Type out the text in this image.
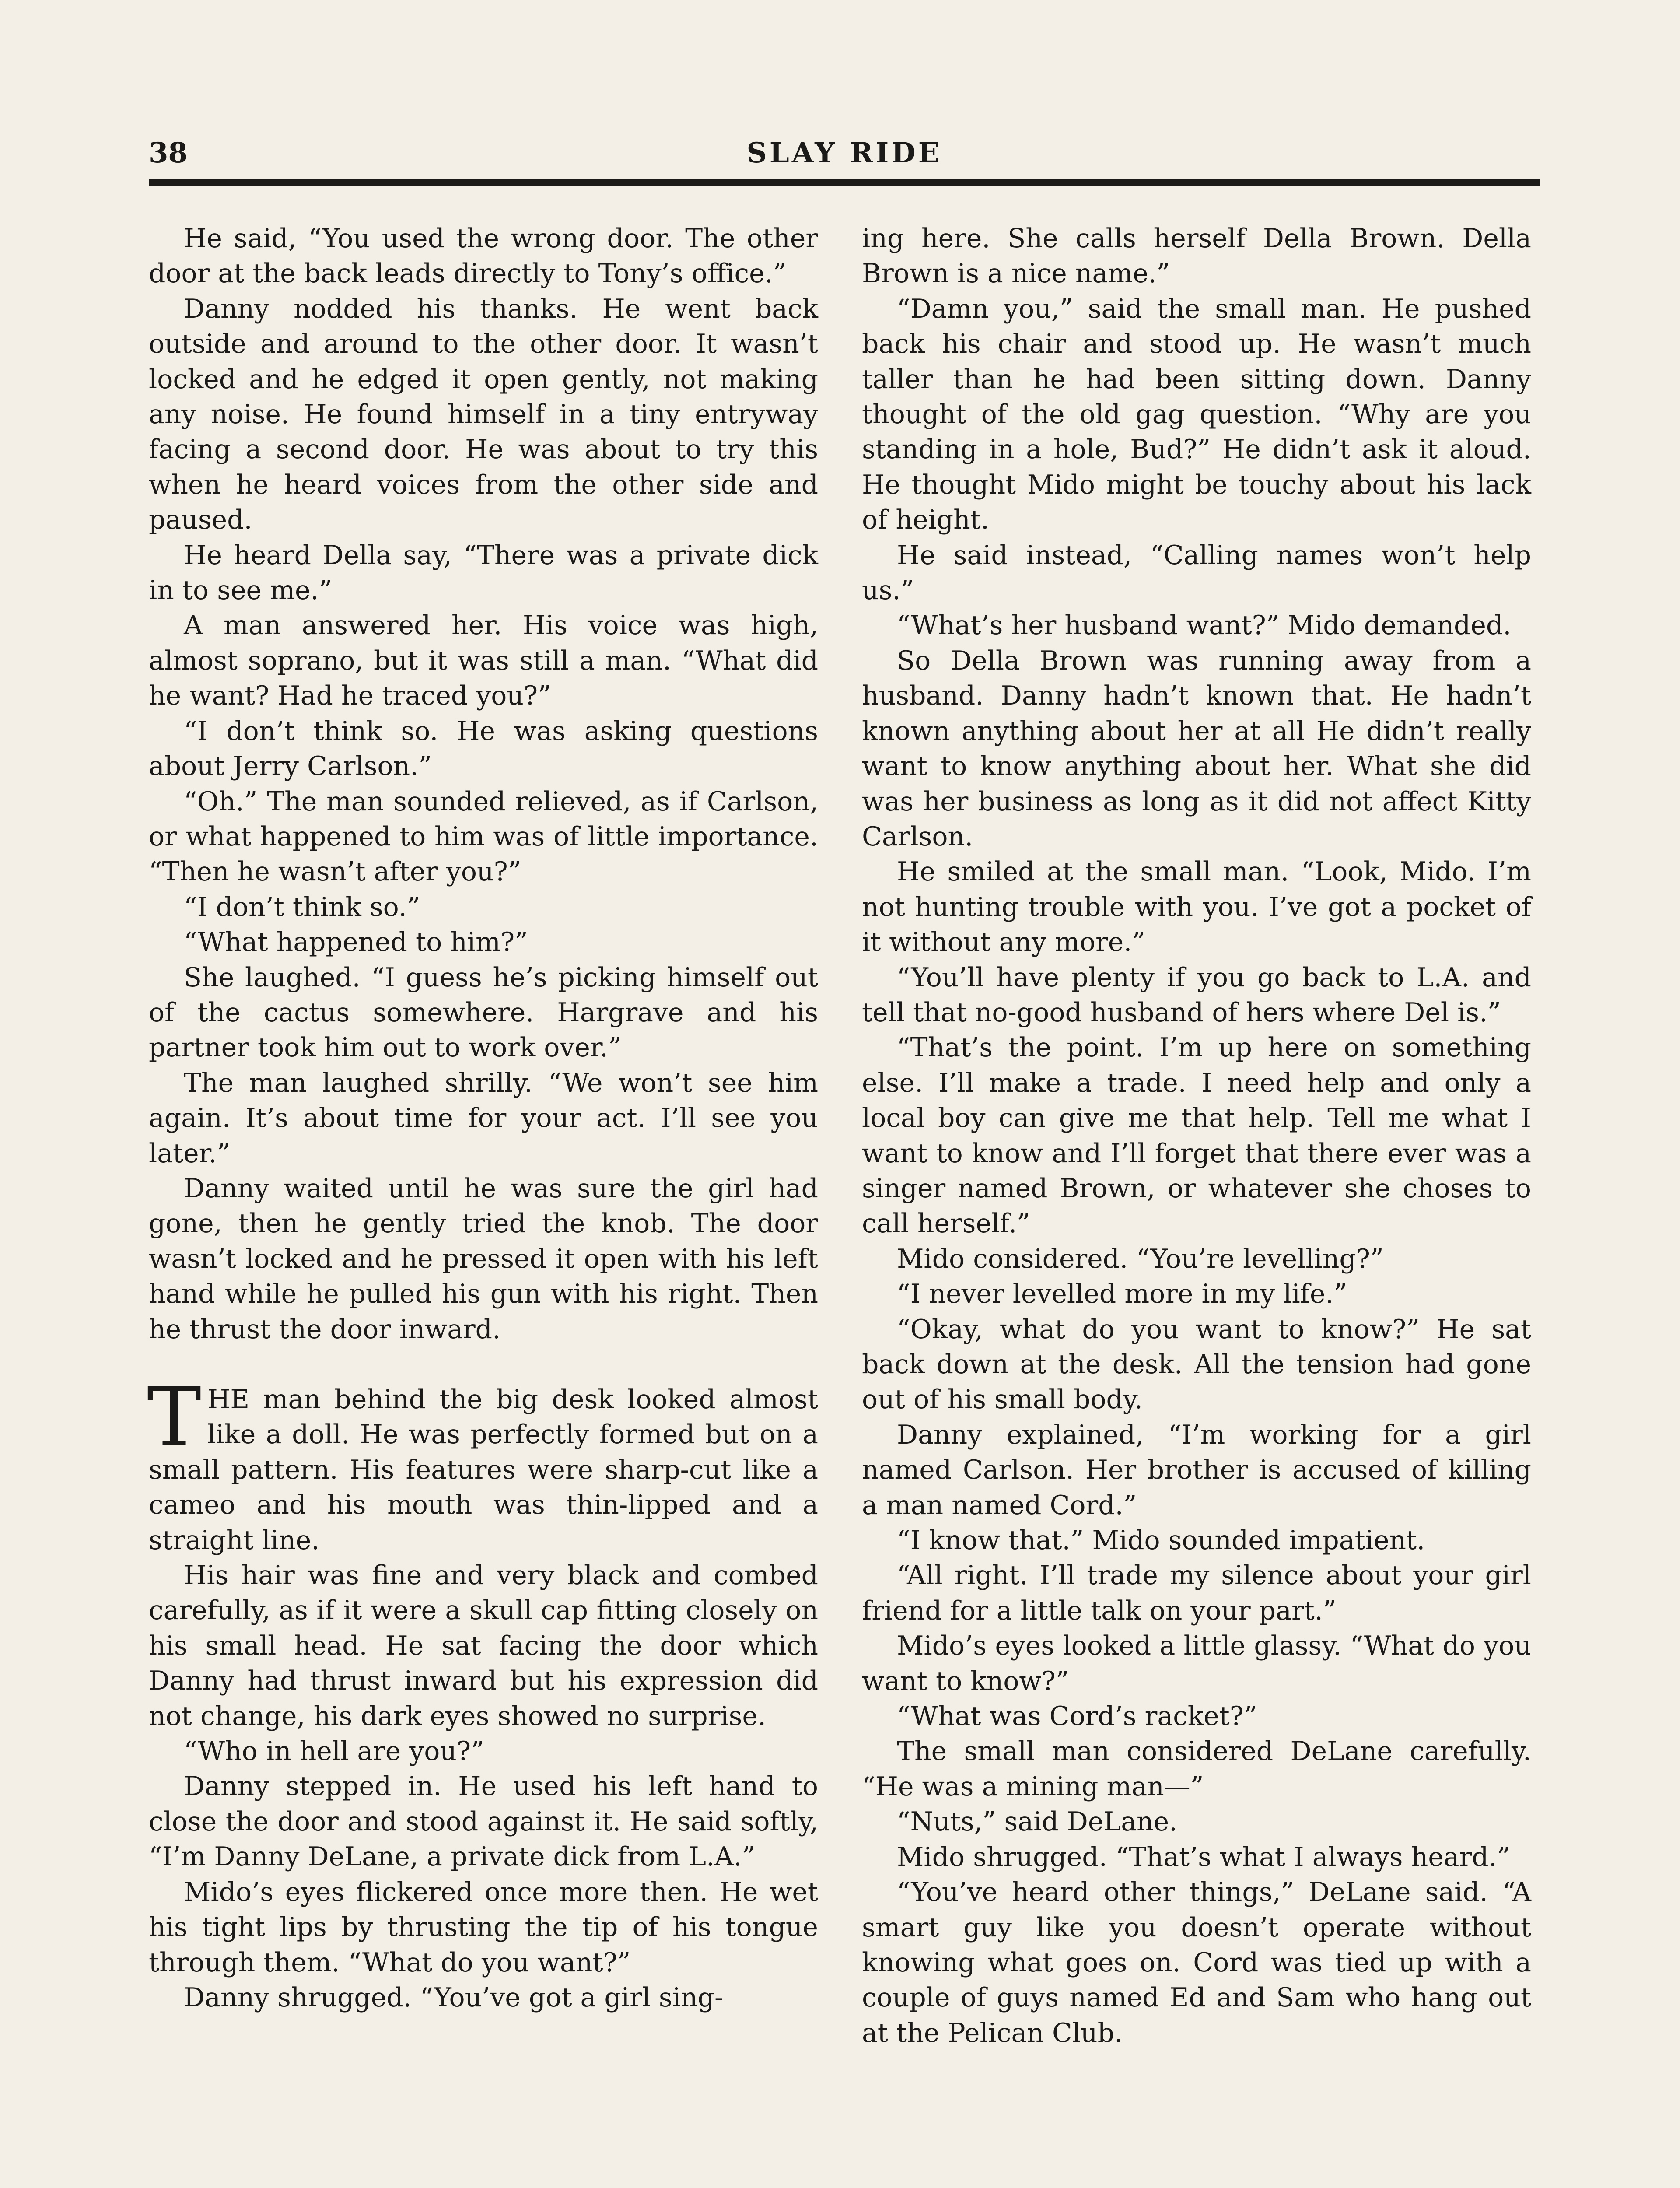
38	SLAY RIDE

He said, “You used the wrong door. The other door at the back leads directly to Tony’s office.”

Danny nodded his thanks. He went back outside and around to the other door. It wasn’t locked and he edged it open gently, not making any noise. He found himself in a tiny entryway facing a second door. He was about to try this when he heard voices from the other side and paused.

He heard Della say, “There was a private dick in to see me.”

A man answered her. His voice was high, almost soprano, but it was still a man. “What did he want? Had he traced you?”

“I don’t think so. He was asking questions about Jerry Carlson.”

“Oh.” The man sounded relieved, as if Carlson, or what happened to him was of little importance. “Then he wasn’t after you?”

“I don’t think so.”

“What happened to him?”

She laughed. “I guess he’s picking himself out of the cactus somewhere. Hargrave and his partner took him out to work over.”

The man laughed shrilly. “We won’t see him again. It’s about time for your act. I’ll see you later.”

Danny waited until he was sure the girl had gone, then he gently tried the knob. The door wasn’t locked and he pressed it open with his left hand while he pulled his gun with his right. Then he thrust the door inward.

THE man behind the big desk looked almost like a doll. He was perfectly formed but on a small pattern. His features were sharp-cut like a cameo and his mouth was thin-lipped and a straight line.

His hair was fine and very black and combed carefully, as if it were a skull cap fitting closely on his small head. He sat facing the door which Danny had thrust inward but his expression did not change, his dark eyes showed no surprise.

“Who in hell are you?”

Danny stepped in. He used his left hand to close the door and stood against it. He said softly, “I’m Danny DeLane, a private dick from L.A.”

Mido’s eyes flickered once more then. He wet his tight lips by thrusting the tip of his tongue through them. “What do you want?”

Danny shrugged. “You’ve got a girl sing-

ing here. She calls herself Della Brown. Della Brown is a nice name.”

“Damn you,” said the small man. He pushed back his chair and stood up. He wasn’t much taller than he had been sitting down. Danny thought of the old gag question. “Why are you standing in a hole, Bud?” He didn’t ask it aloud. He thought Mido might be touchy about his lack of height.

He said instead, “Calling names won’t help us.”

“What’s her husband want?” Mido demanded.

So Della Brown was running away from a husband. Danny hadn’t known that. He hadn’t known anything about her at all He didn’t really want to know anything about her. What she did was her business as long as it did not affect Kitty Carlson.

He smiled at the small man. “Look, Mido. I’m not hunting trouble with you. I’ve got a pocket of it without any more.”

“You’ll have plenty if you go back to L.A. and tell that no-good husband of hers where Del is.”

“That’s the point. I’m up here on something else. I’ll make a trade. I need help and only a local boy can give me that help. Tell me what I want to know and I’ll forget that there ever was a singer named Brown, or whatever she choses to call herself.”

Mido considered. “You’re levelling?”

“I never levelled more in my life.”

“Okay, what do you want to know?” He sat back down at the desk. All the tension had gone out of his small body.

Danny explained, “I’m working for a girl named Carlson. Her brother is accused of killing a man named Cord.”

“I know that.” Mido sounded impatient.

“All right. I’ll trade my silence about your girl friend for a little talk on your part.”

Mido’s eyes looked a little glassy. “What do you want to know?”

“What was Cord’s racket?”

The small man considered DeLane carefully. “He was a mining man—”

“Nuts,” said DeLane.

Mido shrugged. “That’s what I always heard.”

“You’ve heard other things,” DeLane said. “A smart guy like you doesn’t operate without knowing what goes on. Cord was tied up with a couple of guys named Ed and Sam who hang out at the Pelican Club.
